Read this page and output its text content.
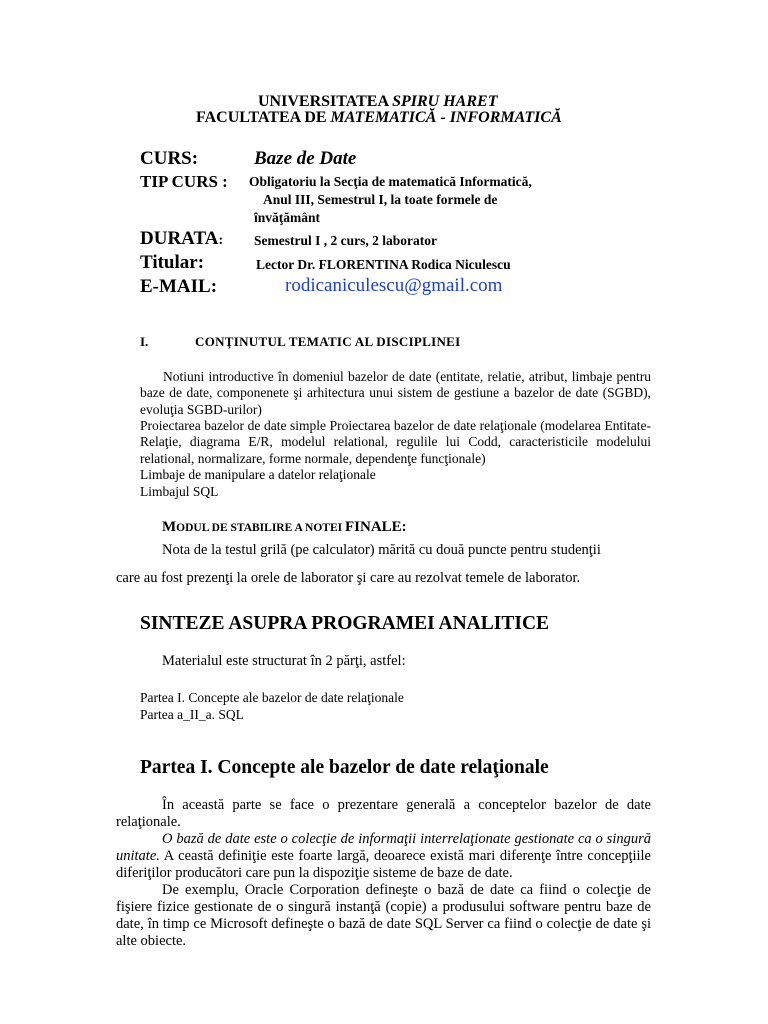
UNIVERSITATEA SPIRU HARET
FACULTATEA DE MATEMATICĂ - INFORMATICĂ
CURS:	Baze de Date
TIP CURS : Obligatoriu la Secţia de matematică Informatică,
Anul III, Semestrul I, la toate formele de
învăţământ
DURATA: Semestrul I , 2 curs, 2 laborator
Titular:	Lector Dr. FLORENTINA Rodica Niculescu
E-MAIL:	rodicaniculescu@gmail.com
I.	CONŢINUTUL TEMATIC AL DISCIPLINEI
Notiuni introductive în domeniul bazelor de date (entitate, relatie, atribut, limbaje pentru baze de date, componenete şi arhitectura unui sistem de gestiune a bazelor de date (SGBD), evoluţia SGBD-urilor)
Proiectarea bazelor de date simple Proiectarea bazelor de date relaţionale (modelarea Entitate-Relaţie, diagrama E/R, modelul relational, regulile lui Codd, caracteristicile modelului relational, normalizare, forme normale, dependenţe funcţionale)
Limbaje de manipulare a datelor relaţionale
Limbajul SQL
MODUL DE STABILIRE A NOTEI FINALE:
Nota de la testul grilă (pe calculator) mărită cu două puncte pentru studenţii
care au fost prezenţi la orele de laborator şi care au rezolvat temele de laborator.
SINTEZE ASUPRA PROGRAMEI ANALITICE
Materialul este structurat în 2 părţi, astfel:
Partea I. Concepte ale bazelor de date relaţionale
Partea a_II_a. SQL
Partea I. Concepte ale bazelor de date relaţionale
În această parte se face o prezentare generală a conceptelor bazelor de date relaţionale.
O bază de date este o colecţie de informaţii interrelaţionate gestionate ca o singură unitate. A ceastă definiţie este foarte largă, deoarece există mari diferenţe între concepţiile diferiţilor producători care pun la dispoziţie sisteme de baze de date.
De exemplu, Oracle Corporation defineşte o bază de date ca fiind o colecţie de fişiere fizice gestionate de o singură instanţă (copie) a produsului software pentru baze de date, în timp ce Microsoft defineşte o bază de date SQL Server ca fiind o colecţie de date şi alte obiecte.
